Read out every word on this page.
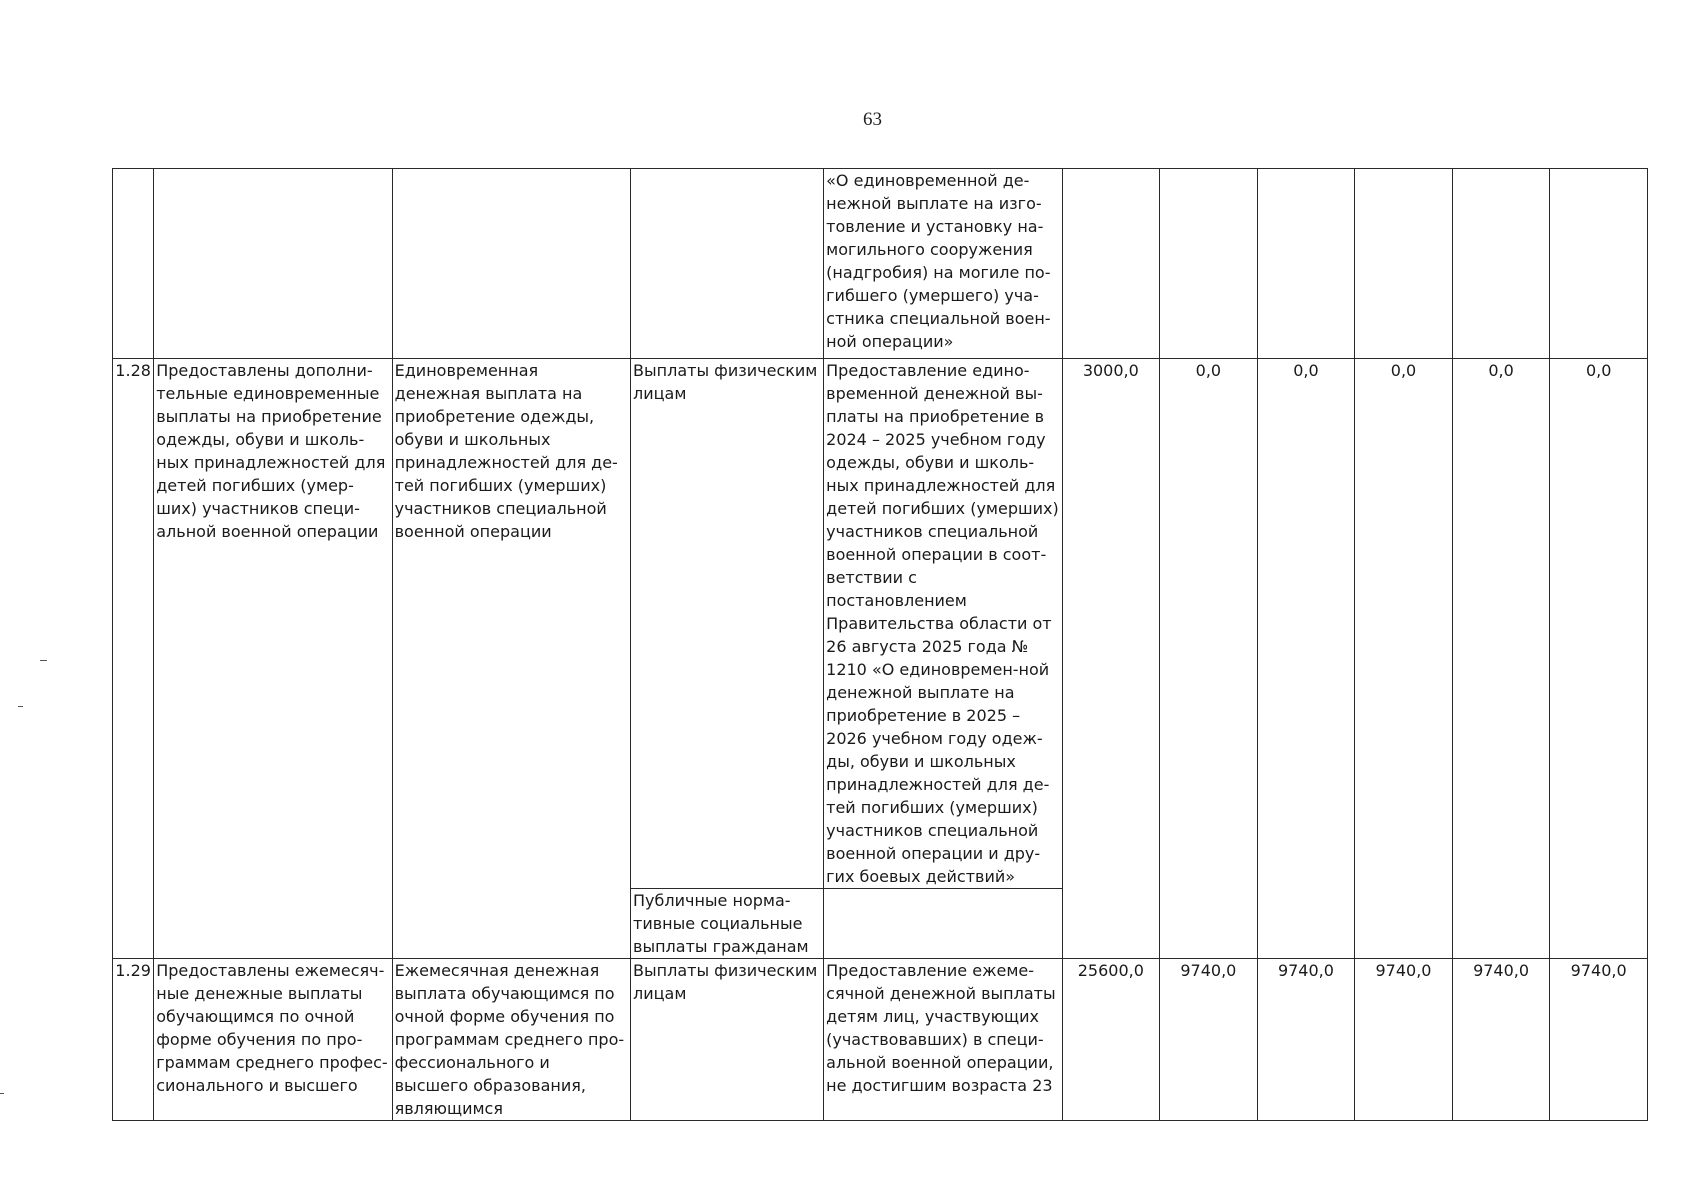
63
				«О единовременной де-нежной выплате на изго-товление и установку на-могильного сооружения (надгробия) на могиле по-гибшего (умершего) уча-стника специальной воен-ной операции»						
1.28	Предоставлены дополни-тельные единовременные выплаты на приобретение одежды, обуви и школь-ных принадлежностей для детей погибших (умер-ших) участников специ-альной военной операции	Единовременная денежная выплата на приобретение одежды, обуви и школьных принадлежностей для де-тей погибших (умерших) участников специальной военной операции	Выплаты физическим лицам	Предоставление едино-временной денежной вы-платы на приобретение в 2024 – 2025 учебном году одежды, обуви и школь-ных принадлежностей для детей погибших (умерших) участников специальной военной операции в соот-ветствии с постановлением Правительства области от 26 августа 2025 года № 1210 «О единовремен-ной денежной выплате на приобретение в 2025 – 2026 учебном году одеж-ды, обуви и школьных принадлежностей для де-тей погибших (умерших) участников специальной военной операции и дру-гих боевых действий»	3000,0	0,0	0,0	0,0	0,0	0,0
			Публичные норма-тивные социальные выплаты гражданам							
1.29	Предоставлены ежемесяч-ные денежные выплаты обучающимся по очной форме обучения по про-граммам среднего профес-сионального и высшего	Ежемесячная денежная выплата обучающимся по очной форме обучения по программам среднего про-фессионального и высшего образования, являющимся	Выплаты физическим лицам	Предоставление ежеме-сячной денежной выплаты детям лиц, участвующих (участвовавших) в специ-альной военной операции, не достигшим возраста 23	25600,0	9740,0	9740,0	9740,0	9740,0	9740,0
